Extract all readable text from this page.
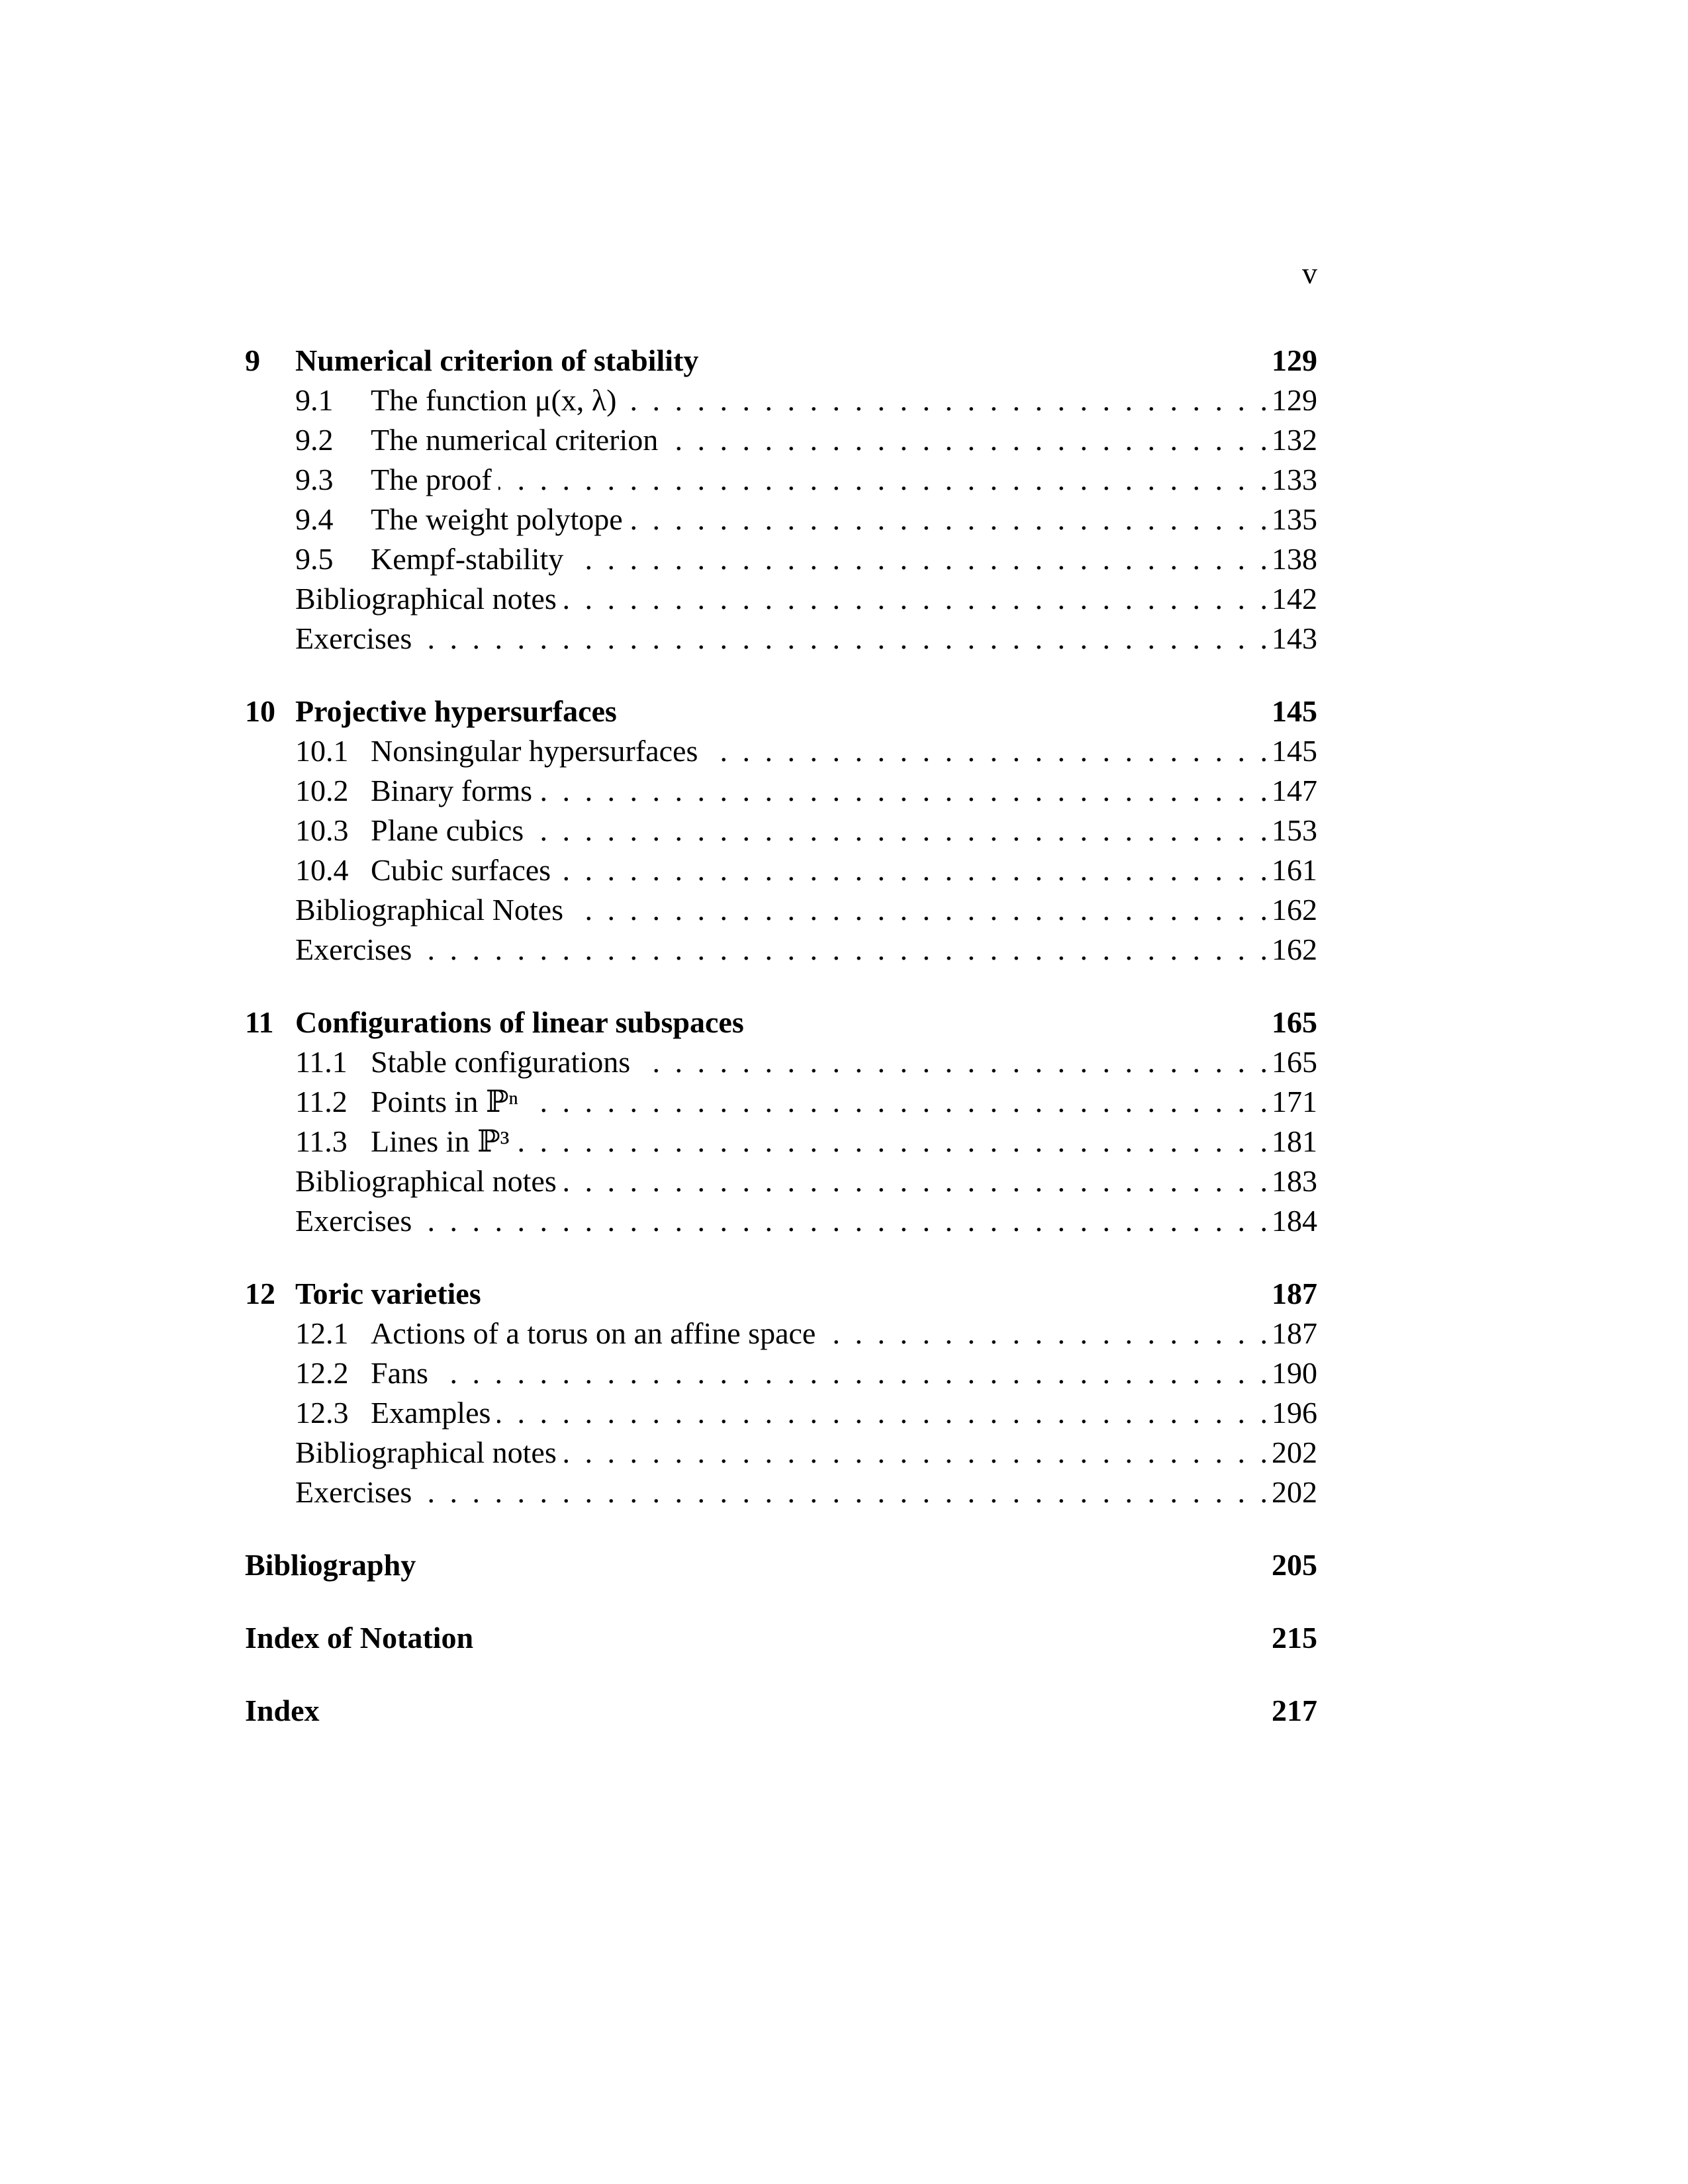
v
9	Numerical criterion of stability	129
9.1	The function μ(x, λ) . . .	129
9.2	The numerical criterion . . .	132
9.3	The proof . . .	133
9.4	The weight polytope . . .	135
9.5	Kempf-stability . . .	138
Bibliographical notes . . .	142
Exercises . . .	143
10 Projective hypersurfaces	145
10.1 Nonsingular hypersurfaces . . .	145
10.2 Binary forms . . .	147
10.3 Plane cubics . . .	153
10.4 Cubic surfaces . . .	161
Bibliographical Notes . . .	162
Exercises . . .	162
11 Configurations of linear subspaces	165
11.1 Stable configurations . . .	165
11.2 Points in ℙⁿ . . .	171
11.3 Lines in ℙ³ . . .	181
Bibliographical notes . . .	183
Exercises . . .	184
12 Toric varieties	187
12.1 Actions of a torus on an affine space . . .	187
12.2 Fans . . .	190
12.3 Examples . . .	196
Bibliographical notes . . .	202
Exercises . . .	202
Bibliography	205
Index of Notation	215
Index	217
